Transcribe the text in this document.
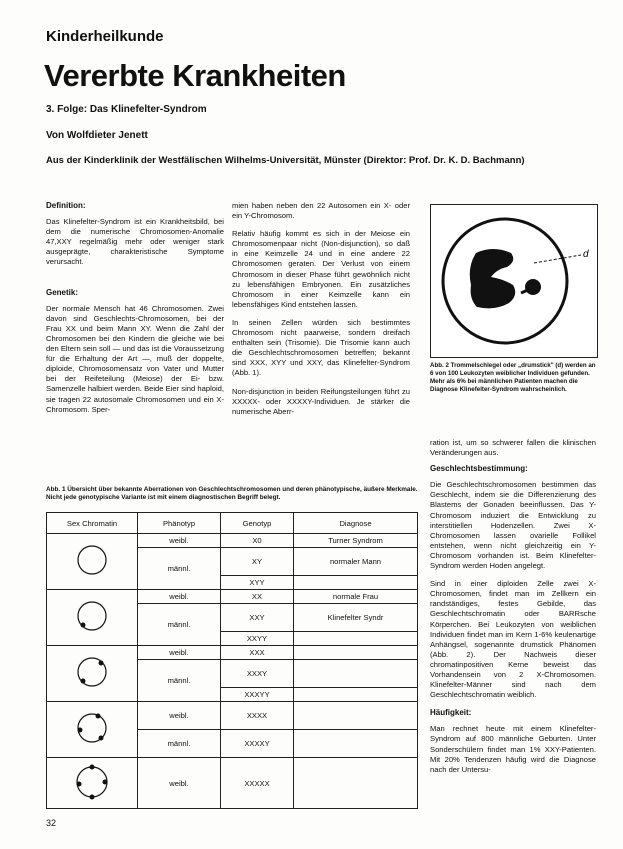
Kinderheilkunde
Vererbte Krankheiten
3. Folge: Das Klinefelter-Syndrom
Von Wolfdieter Jenett
Aus der Kinderklinik der Westfälischen Wilhelms-Universität, Münster (Direktor: Prof. Dr. K. D. Bachmann)
Definition:

Das Klinefelter-Syndrom ist ein Krankheitsbild, bei dem die numerische Chromosomen-Anomalie 47,XXY regelmäßig mehr oder weniger stark ausgeprägte, charakteristische Symptome verursacht.

Genetik:

Der normale Mensch hat 46 Chromosomen. Zwei davon sind Geschlechts-Chromosomen, bei der Frau XX und beim Mann XY. Wenn die Zahl der Chromosomen bei den Kindern die gleiche wie bei den Eltern sein soll — und das ist die Voraussetzung für die Erhaltung der Art —, muß der doppelte, diploide, Chromosomensatz von Vater und Mutter bei der Reifeteilung (Meiose) der Ei- bzw. Samenzelle halbiert werden. Beide Eier sind haploid, sie tragen 22 autosomale Chromosomen und ein X-Chromosom. Sper-

mien haben neben den 22 Autosomen ein X- oder ein Y-Chromosom.

Relativ häufig kommt es sich in der Meiose ein Chromosomenpaar nicht (Non-disjunction), so daß in eine Keimzelle 24 und in eine andere 22 Chromosomen geraten. Der Verlust von einem Chromosom in dieser Phase führt gewöhnlich nicht zu lebensfähigen Embryonen. Ein zusätzliches Chromosom in einer Keimzelle kann ein lebensfähiges Kind entstehen lassen.

In seinen Zellen würden sich bestimmtes Chromosom nicht paarweise, sondern dreifach enthalten sein (Trisomie). Die Trisomie kann auch die Geschlechtschromosomen betreffen; bekannt sind XXX, XYY und XXY, das Klinefelter-Syndrom (Abb. 1).

Non-disjunction in beiden Reifungsteilungen führt zu XXXXX- oder XXXXY-Individuen. Je stärker die numerische Aberr-

d
Abb. 2 Trommelschlegel oder „drumstick" (d) werden an 6 von 100 Leukozyten weiblicher Individuen gefunden. Mehr als 6% bei männlichen Patienten machen die Diagnose Klinefelter-Syndrom wahrscheinlich.

ration ist, um so schwerer fallen die klinischen Veränderungen aus.

Geschlechtsbestimmung:

Die Geschlechtschromosomen bestimmen das Geschlecht, indem sie die Differenzierung des Blastems der Gonaden beeinflussen. Das Y-Chromosom induziert die Entwicklung zu interstitiellen Hodenzellen. Zwei X-Chromosomen lassen ovarielle Follikel entstehen, wenn nicht gleichzeitig ein Y-Chromosom vorhanden ist. Beim Klinefelter-Syndrom werden Hoden angelegt.

Sind in einer diploiden Zelle zwei X-Chromosomen, findet man im Zellkern ein randständiges, festes Gebilde, das Geschlechtschromatin oder BARRsche Körperchen. Bei Leukozyten von weiblichen Individuen findet man im Kern 1-6% keulenartige Anhängsel, sogenannte drumstick Phänomen (Abb. 2). Der Nachweis dieser chromatinpositiven Kerne beweist das Vorhandensein von 2 X-Chromosomen. Klinefelter-Männer sind nach dem Geschlechtschromatin weiblich.

Häufigkeit:

Man rechnet heute mit einem Klinefelter-Syndrom auf 800 männliche Geburten. Unter Sonderschülern findet man 1% XXY-Patienten. Mit 20% Tendenzen häufig wird die Diagnose nach der Untersu-

Abb. 1 Übersicht über bekannte Aberrationen von Geschlechtschromosomen und deren phänotypische, äußere Merkmale. Nicht jede genotypische Variante ist mit einem diagnostischen Begriff belegt.
Sex Chromatin	Phänotyp	Genotyp	Diagnose
	weibl.	X0	Turner Syndrom
	männl.	XY	normaler Mann
		XYY	
	weibl.	XX	normale Frau
	männl.	XXY	Klinefelter Syndr
		XXYY	
	weibl.	XXX	
	männl.	XXXY	
		XXXYY	
	weibl.	XXXX	
	männl.	XXXXY	
	weibl.	XXXXX	
32
